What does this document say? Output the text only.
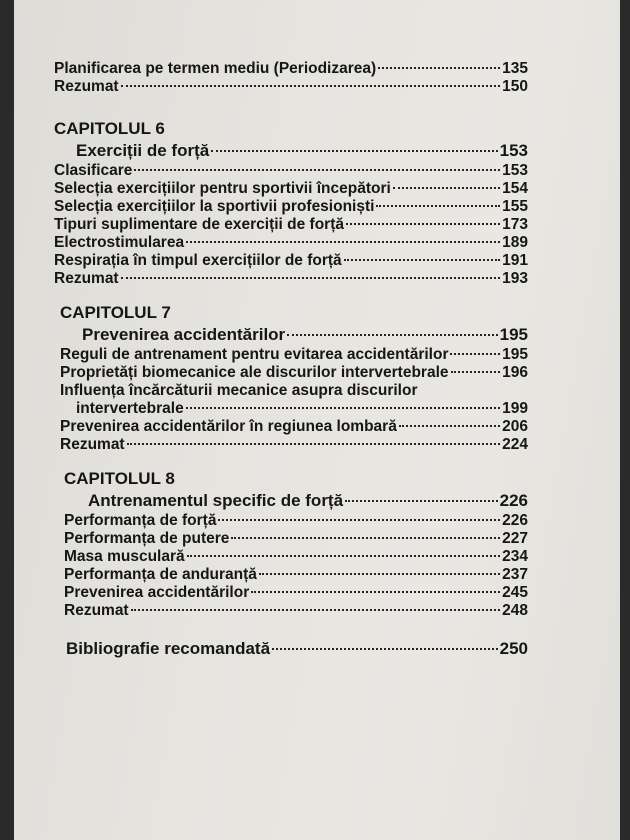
Planificarea pe termen mediu (Periodizarea)	135
Rezumat	150
CAPITOLUL 6
Exerciții de forță	153
Clasificare	153
Selecția exercițiilor pentru sportivii începători	154
Selecția exercițiilor la sportivii profesioniști	155
Tipuri suplimentare de exerciții de forță	173
Electrostimularea	189
Respirația în timpul exercițiilor de forță	191
Rezumat	193
CAPITOLUL 7
Prevenirea accidentărilor	195
Reguli de antrenament pentru evitarea accidentărilor	195
Proprietăți biomecanice ale discurilor intervertebrale	196
Influența încărcăturii mecanice asupra discurilor
intervertebrale	199
Prevenirea accidentărilor în regiunea lombară	206
Rezumat	224
CAPITOLUL 8
Antrenamentul specific de forță	226
Performanța de forță	226
Performanța de putere	227
Masa musculară	234
Performanța de anduranță	237
Prevenirea accidentărilor	245
Rezumat	248
Bibliografie recomandată	250
